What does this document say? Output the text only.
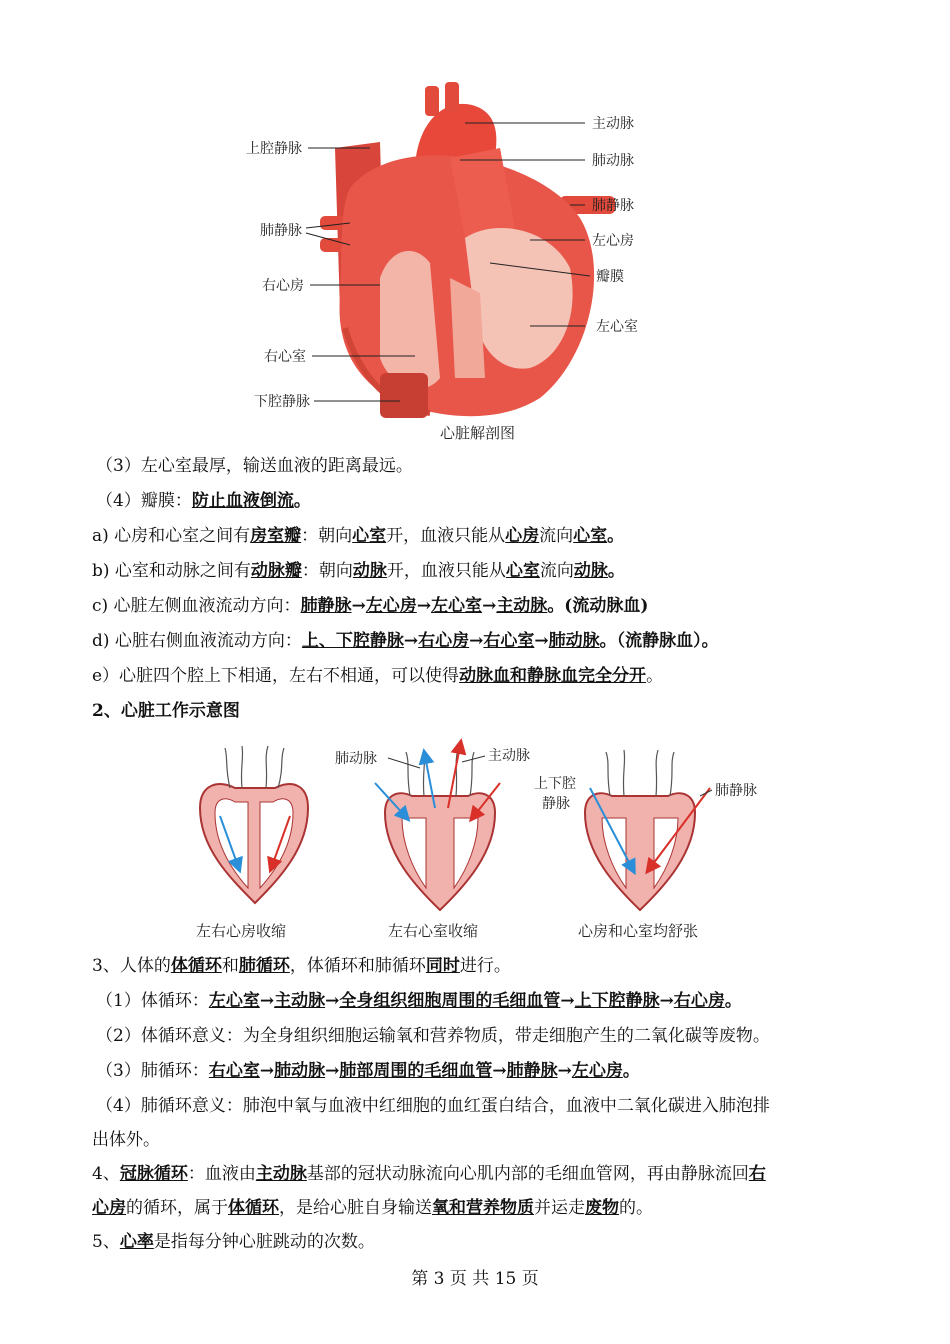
上腔静脉
主动脉
肺动脉
肺静脉
左心房
瓣膜
左心室
肺静脉
右心房
右心室
下腔静脉
心脏解剖图
（3）左心室最厚，输送血液的距离最远。
（4）瓣膜：防止血液倒流。
a) 心房和心室之间有房室瓣：朝向心室开，血液只能从心房流向心室。
b) 心室和动脉之间有动脉瓣：朝向动脉开，血液只能从心室流向动脉。
c) 心脏左侧血液流动方向：肺静脉→左心房→左心室→主动脉。(流动脉血)
d) 心脏右侧血液流动方向：上、下腔静脉→右心房→右心室→肺动脉。（流静脉血）。
e）心脏四个腔上下相通，左右不相通，可以使得动脉血和静脉血完全分开。
2、心脏工作示意图
肺动脉	主动脉
上下腔
静脉
肺静脉
左右心房收缩	左右心室收缩	心房和心室均舒张
3、人体的体循环和肺循环，体循环和肺循环同时进行。
（1）体循环：左心室→主动脉→全身组织细胞周围的毛细血管→上下腔静脉→右心房。
（2）体循环意义：为全身组织细胞运输氧和营养物质，带走细胞产生的二氧化碳等废物。
（3）肺循环：右心室→肺动脉→肺部周围的毛细血管→肺静脉→左心房。
（4）肺循环意义：肺泡中氧与血液中红细胞的血红蛋白结合，血液中二氧化碳进入肺泡排
出体外。
4、冠脉循环：血液由主动脉基部的冠状动脉流向心肌内部的毛细血管网，再由静脉流回右
心房的循环，属于体循环，是给心脏自身输送氧和营养物质并运走废物的。
5、心率是指每分钟心脏跳动的次数。
第 3 页 共 15 页
